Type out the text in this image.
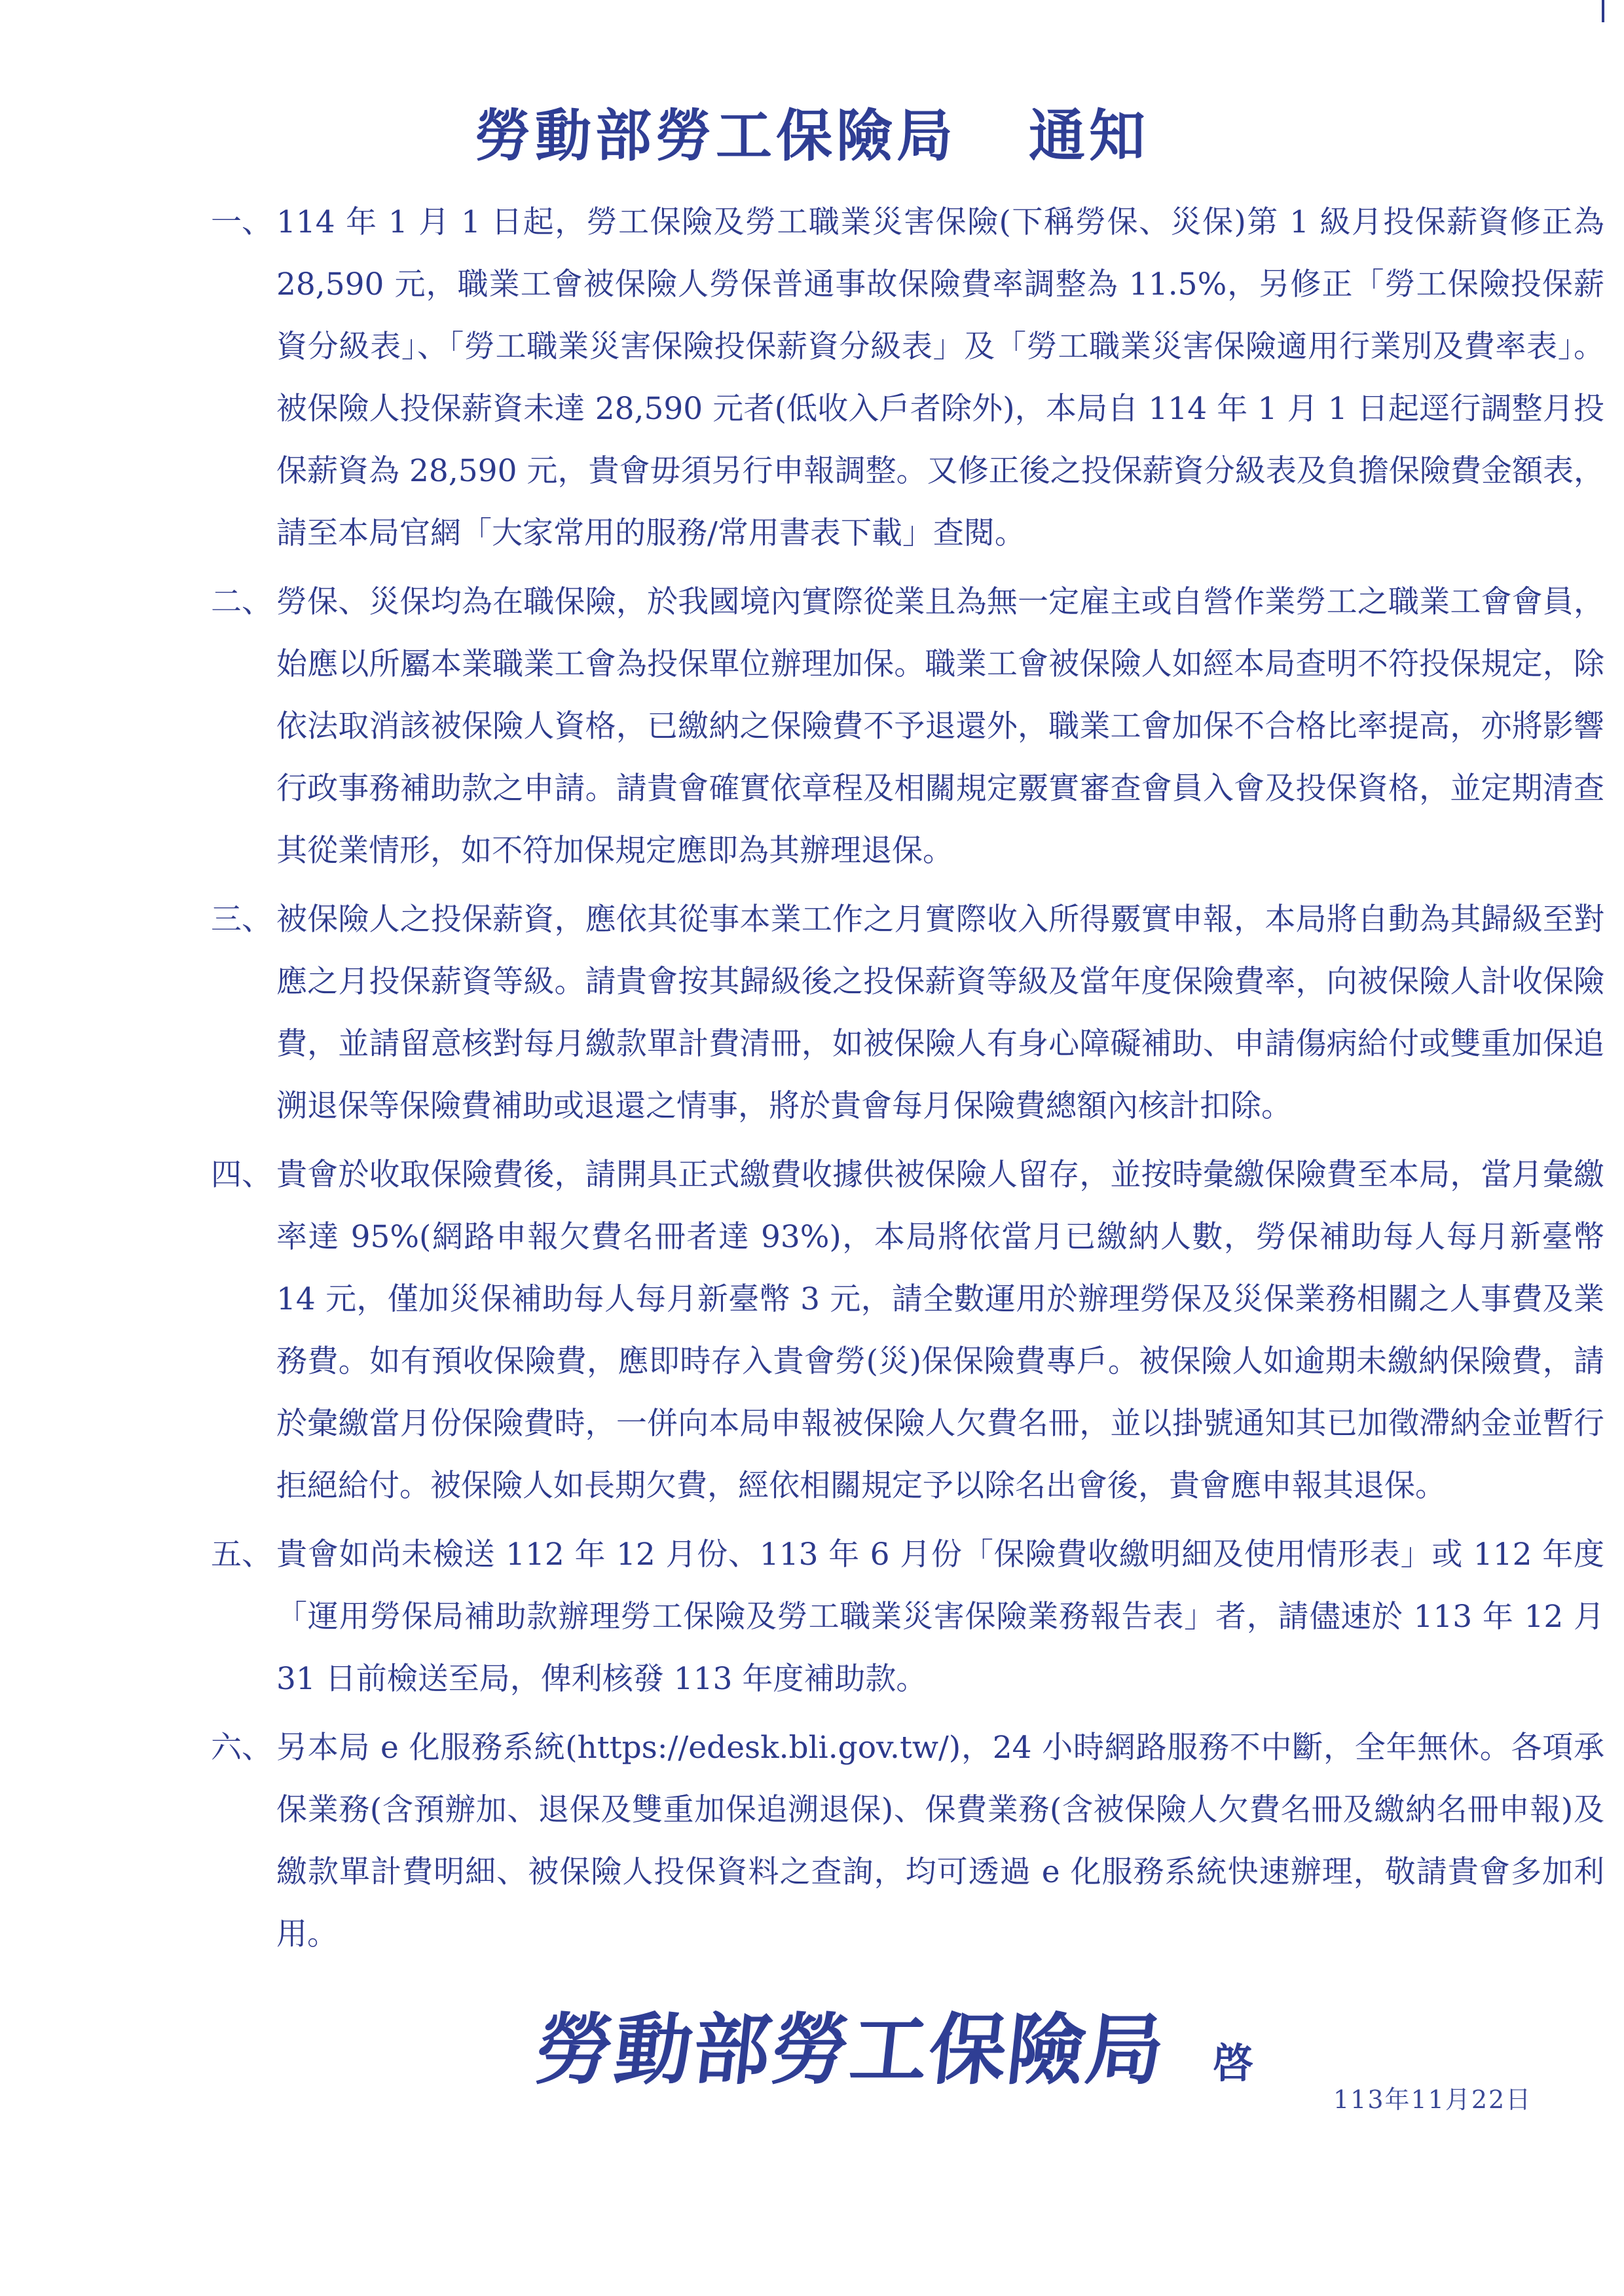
勞動部勞工保險局 通知
一、 114 年 1 月 1 日起，勞工保險及勞工職業災害保險(下稱勞保、災保)第 1 級月投保薪資修正為 28,590 元，職業工會被保險人勞保普通事故保險費率調整為 11.5%，另修正「勞工保險投保薪資分級表」、「勞工職業災害保險投保薪資分級表」及「勞工職業災害保險適用行業別及費率表」。被保險人投保薪資未達 28,590 元者(低收入戶者除外)，本局自 114 年 1 月 1 日起逕行調整月投保薪資為 28,590 元，貴會毋須另行申報調整。又修正後之投保薪資分級表及負擔保險費金額表，請至本局官網「大家常用的服務/常用書表下載」查閱。
二、 勞保、災保均為在職保險，於我國境內實際從業且為無一定雇主或自營作業勞工之職業工會會員，始應以所屬本業職業工會為投保單位辦理加保。職業工會被保險人如經本局查明不符投保規定，除依法取消該被保險人資格，已繳納之保險費不予退還外，職業工會加保不合格比率提高，亦將影響行政事務補助款之申請。請貴會確實依章程及相關規定覈實審查會員入會及投保資格，並定期清查其從業情形，如不符加保規定應即為其辦理退保。
三、 被保險人之投保薪資，應依其從事本業工作之月實際收入所得覈實申報，本局將自動為其歸級至對應之月投保薪資等級。請貴會按其歸級後之投保薪資等級及當年度保險費率，向被保險人計收保險費，並請留意核對每月繳款單計費清冊，如被保險人有身心障礙補助、申請傷病給付或雙重加保追溯退保等保險費補助或退還之情事，將於貴會每月保險費總額內核計扣除。
四、 貴會於收取保險費後，請開具正式繳費收據供被保險人留存，並按時彙繳保險費至本局，當月彙繳率達 95%(網路申報欠費名冊者達 93%)，本局將依當月已繳納人數，勞保補助每人每月新臺幣 14 元，僅加災保補助每人每月新臺幣 3 元，請全數運用於辦理勞保及災保業務相關之人事費及業務費。如有預收保險費，應即時存入貴會勞(災)保保險費專戶。被保險人如逾期未繳納保險費，請於彙繳當月份保險費時，一併向本局申報被保險人欠費名冊，並以掛號通知其已加徵滯納金並暫行拒絕給付。被保險人如長期欠費，經依相關規定予以除名出會後，貴會應申報其退保。
五、 貴會如尚未檢送 112 年 12 月份、113 年 6 月份「保險費收繳明細及使用情形表」或 112 年度「運用勞保局補助款辦理勞工保險及勞工職業災害保險業務報告表」者，請儘速於 113 年 12 月 31 日前檢送至局，俾利核發 113 年度補助款。
六、 另本局 e 化服務系統(https://edesk.bli.gov.tw/)，24 小時網路服務不中斷，全年無休。各項承保業務(含預辦加、退保及雙重加保追溯退保)、保費業務(含被保險人欠費名冊及繳納名冊申報)及繳款單計費明細、被保險人投保資料之查詢，均可透過 e 化服務系統快速辦理，敬請貴會多加利用。
勞動部勞工保險局 啓
113年11月22日
